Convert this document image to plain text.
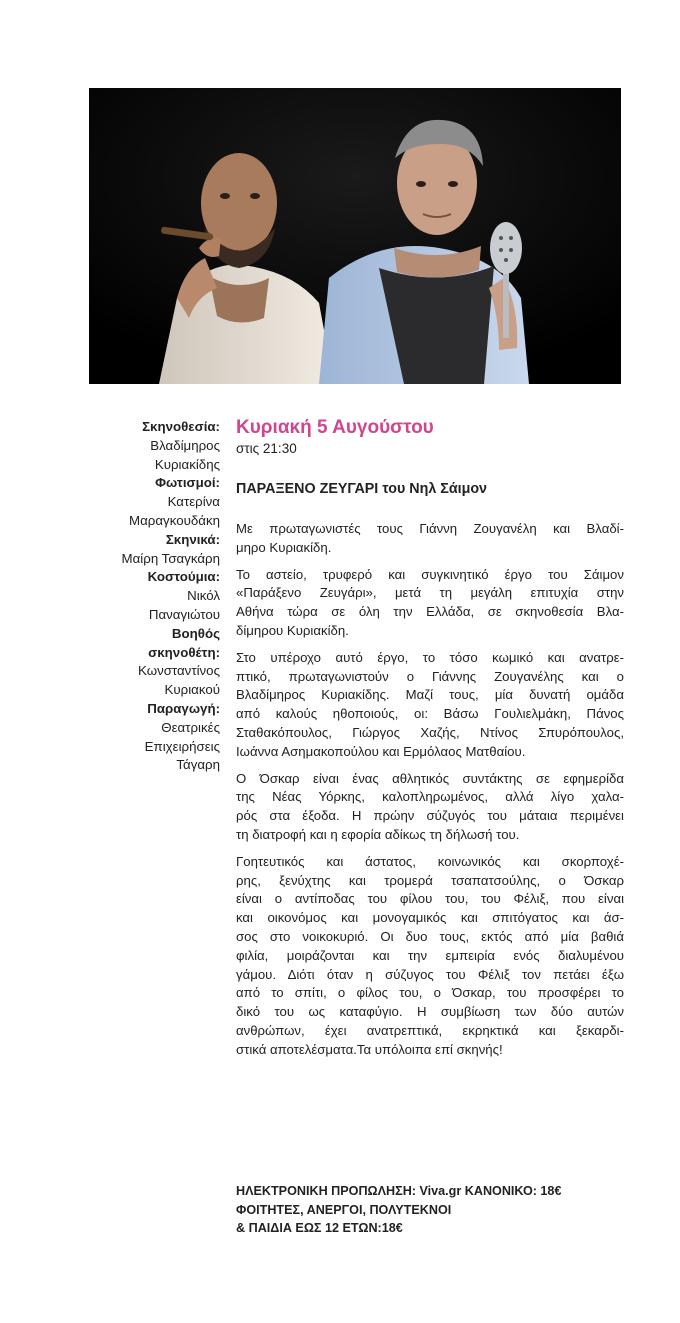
Σκηνοθεσία:
Βλαδίμηρος
Κυριακίδης
Φωτισμοί:
Κατερίνα
Μαραγκουδάκη
Σκηνικά:
Μαίρη Τσαγκάρη
Κοστούμια:
Νικόλ
Παναγιώτου
Βοηθός
σκηνοθέτη:
Κωνσταντίνος
Κυριακού
Παραγωγή:
Θεατρικές
Επιχειρήσεις
Τάγαρη

Κυριακή 5 Αυγούστου

στις 21:30

ΠΑΡΑΞΕΝΟ ΖΕΥΓΑΡΙ του Νηλ Σάιμον

Με πρωταγωνιστές τους Γιάννη Ζουγανέλη και Βλαδί-
μηρο Κυριακίδη.

Το αστείο, τρυφερό και συγκινητικό έργο του Σάιμον
«Παράξενο Ζευγάρι», μετά τη μεγάλη επιτυχία στην
Αθήνα τώρα σε όλη την Ελλάδα, σε σκηνοθεσία Βλα-
δίμηρου Κυριακίδη.

Στο υπέροχο αυτό έργο, το τόσο κωμικό και ανατρε-
πτικό, πρωταγωνιστούν ο Γιάννης Ζουγανέλης και ο
Βλαδίμηρος Κυριακίδης. Μαζί τους, μία δυνατή ομάδα
από καλούς ηθοποιούς, οι: Βάσω Γουλιελμάκη, Πάνος
Σταθακόπουλος, Γιώργος Χαζής, Ντίνος Σπυρόπουλος,
Ιωάννα Ασημακοπούλου και Ερμόλαος Ματθαίου.

Ο Όσκαρ είναι ένας αθλητικός συντάκτης σε εφημερίδα
της Νέας Υόρκης, καλοπληρωμένος, αλλά λίγο χαλα-
ρός στα έξοδα. Η πρώην σύζυγός του μάταια περιμένει
τη διατροφή και η εφορία αδίκως τη δήλωσή του.

Γοητευτικός και άστατος, κοινωνικός και σκορποχέ-
ρης, ξενύχτης και τρομερά τσαπατσούλης, ο Όσκαρ
είναι ο αντίποδας του φίλου του, του Φέλιξ, που είναι
και οικονόμος και μονογαμικός και σπιτόγατος και άσ-
σος στο νοικοκυριό. Οι δυο τους, εκτός από μία βαθιά
φιλία, μοιράζονται και την εμπειρία ενός διαλυμένου
γάμου. Διότι όταν η σύζυγος του Φέλιξ τον πετάει έξω
από το σπίτι, ο φίλος του, ο Όσκαρ, του προσφέρει το
δικό του ως καταφύγιο. Η συμβίωση των δύο αυτών
ανθρώπων, έχει ανατρεπτικά, εκρηκτικά και ξεκαρδι-
στικά αποτελέσματα.Τα υπόλοιπα επί σκηνής!

ΗΛΕΚΤΡΟΝΙΚΗ ΠΡΟΠΩΛΗΣΗ: Viva.gr ΚΑΝΟΝΙΚΟ: 18€
ΦΟΙΤΗΤΕΣ, ΑΝΕΡΓΟΙ, ΠΟΛΥΤΕΚΝΟΙ
& ΠΑΙΔΙΑ ΕΩΣ 12 ΕΤΩΝ:18€
